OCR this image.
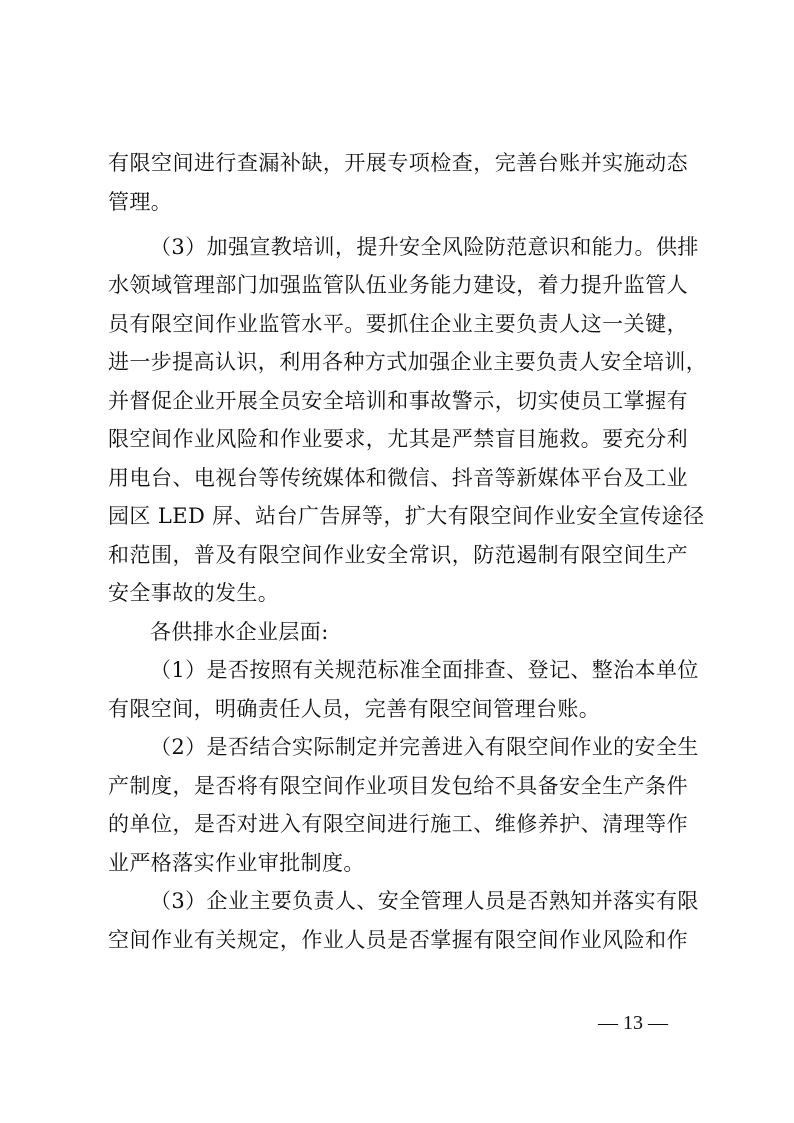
有限空间进行查漏补缺，开展专项检查，完善台账并实施动态
管理。
（3）加强宣教培训，提升安全风险防范意识和能力。供排
水领域管理部门加强监管队伍业务能力建设，着力提升监管人
员有限空间作业监管水平。要抓住企业主要负责人这一关键，
进一步提高认识，利用各种方式加强企业主要负责人安全培训，
并督促企业开展全员安全培训和事故警示，切实使员工掌握有
限空间作业风险和作业要求，尤其是严禁盲目施救。要充分利
用电台、电视台等传统媒体和微信、抖音等新媒体平台及工业
园区 LED 屏、站台广告屏等，扩大有限空间作业安全宣传途径
和范围，普及有限空间作业安全常识，防范遏制有限空间生产
安全事故的发生。
各供排水企业层面:
（1）是否按照有关规范标准全面排查、登记、整治本单位
有限空间，明确责任人员，完善有限空间管理台账。
（2）是否结合实际制定并完善进入有限空间作业的安全生
产制度，是否将有限空间作业项目发包给不具备安全生产条件
的单位，是否对进入有限空间进行施工、维修养护、清理等作
业严格落实作业审批制度。
（3）企业主要负责人、安全管理人员是否熟知并落实有限
空间作业有关规定，作业人员是否掌握有限空间作业风险和作
— 13 —
